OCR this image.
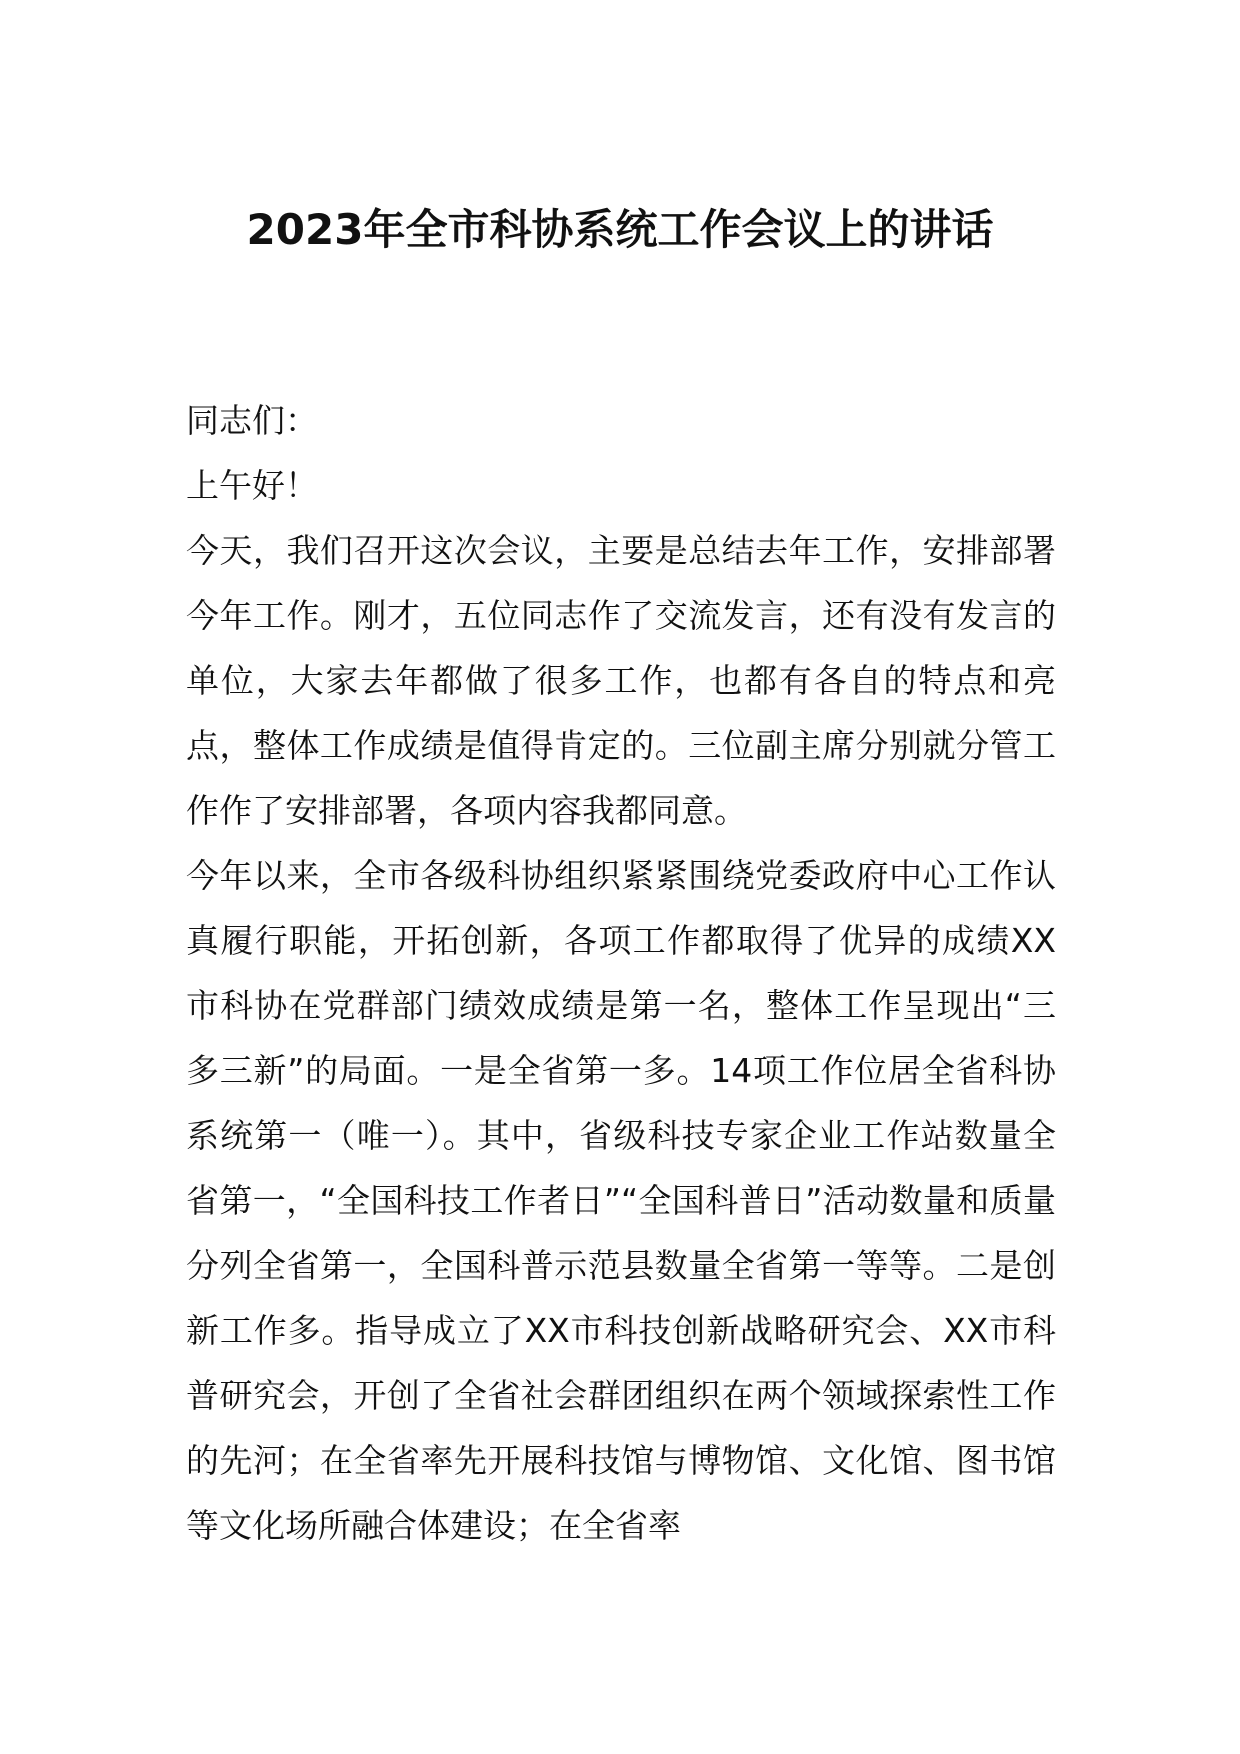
2023年全市科协系统工作会议上的讲话

同志们：

上午好！

今天，我们召开这次会议，主要是总结去年工作，安排部署今年工作。刚才，五位同志作了交流发言，还有没有发言的单位，大家去年都做了很多工作，也都有各自的特点和亮点，整体工作成绩是值得肯定的。三位副主席分别就分管工作作了安排部署，各项内容我都同意。

今年以来，全市各级科协组织紧紧围绕党委政府中心工作认真履行职能，开拓创新，各项工作都取得了优异的成绩XX市科协在党群部门绩效成绩是第一名，整体工作呈现出“三多三新”的局面。一是全省第一多。14项工作位居全省科协系统第一（唯一）。其中，省级科技专家企业工作站数量全省第一，“全国科技工作者日”“全国科普日”活动数量和质量分列全省第一，全国科普示范县数量全省第一等等。二是创新工作多。指导成立了XX市科技创新战略研究会、XX市科普研究会，开创了全省社会群团组织在两个领域探索性工作的先河；在全省率先开展科技馆与博物馆、文化馆、图书馆等文化场所融合体建设；在全省率
